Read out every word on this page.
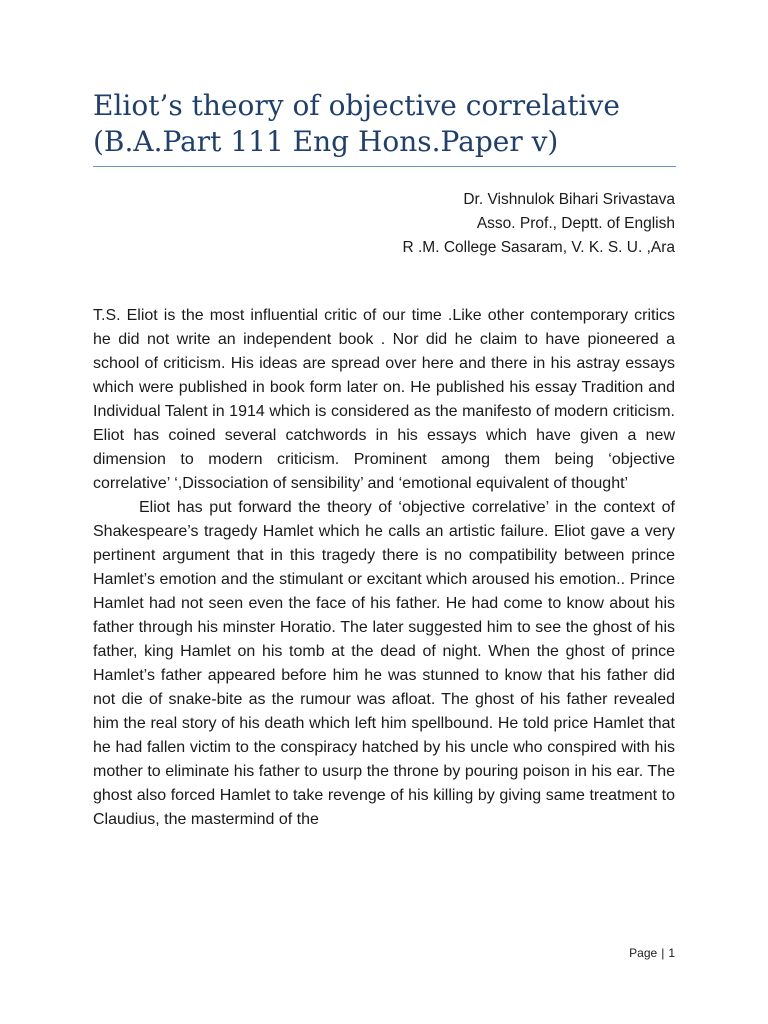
Eliot’s theory of objective correlative
(B.A.Part 111 Eng Hons.Paper v)
Dr. Vishnulok Bihari Srivastava
Asso. Prof., Deptt. of English
R .M. College Sasaram, V. K. S. U. ,Ara

T.S. Eliot is the most influential critic of our time .Like other contemporary critics he did not write an independent book . Nor did he claim to have pioneered a school of criticism. His ideas are spread over here and there in his astray essays which were published in book form later on. He published his essay Tradition and Individual Talent in 1914 which is considered as the manifesto of modern criticism. Eliot has coined several catchwords in his essays which have given a new dimension to modern criticism. Prominent among them being ‘objective correlative’ ‘,Dissociation of sensibility’ and ‘emotional equivalent of thought’

Eliot has put forward the theory of ‘objective correlative’ in the context of Shakespeare’s tragedy Hamlet which he calls an artistic failure. Eliot gave a very pertinent argument that in this tragedy there is no compatibility between prince Hamlet’s emotion and the stimulant or excitant which aroused his emotion.. Prince Hamlet had not seen even the face of his father. He had come to know about his father through his minster Horatio. The later suggested him to see the ghost of his father, king Hamlet on his tomb at the dead of night. When the ghost of prince Hamlet’s father appeared before him he was stunned to know that his father did not die of snake-bite as the rumour was afloat. The ghost of his father revealed him the real story of his death which left him spellbound. He told price Hamlet that he had fallen victim to the conspiracy hatched by his uncle who conspired with his mother to eliminate his father to usurp the throne by pouring poison in his ear. The ghost also forced Hamlet to take revenge of his killing by giving same treatment to Claudius, the mastermind of the

Page | 1
